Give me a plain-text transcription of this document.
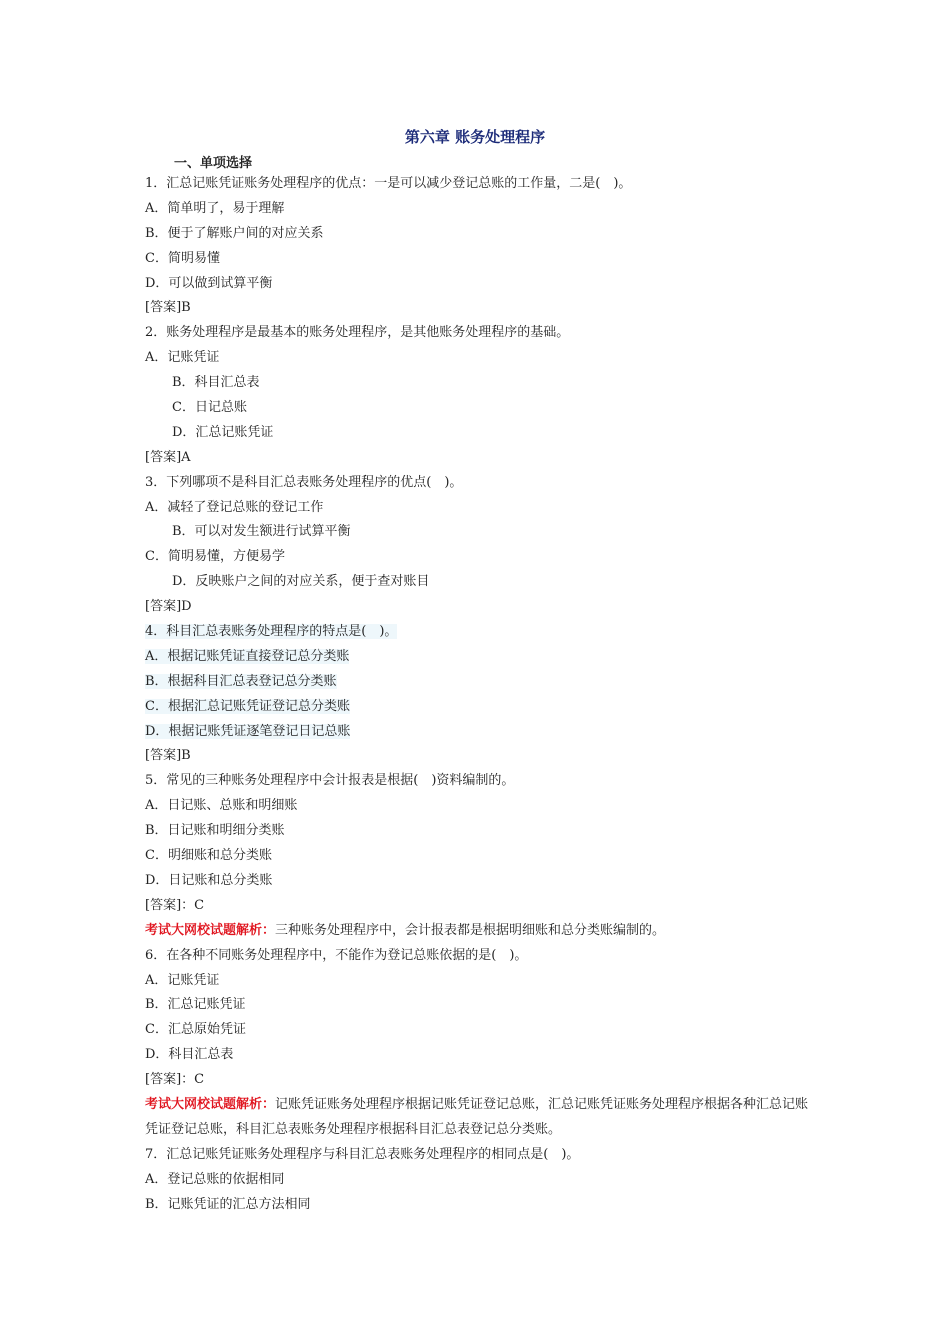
第六章 账务处理程序
一、单项选择
1．汇总记账凭证账务处理程序的优点：一是可以减少登记总账的工作量，二是(　)。
A．简单明了，易于理解
B．便于了解账户间的对应关系
C．简明易懂
D．可以做到试算平衡
[答案]B
2．账务处理程序是最基本的账务处理程序，是其他账务处理程序的基础。
A．记账凭证
B．科目汇总表
C．日记总账
D．汇总记账凭证
[答案]A
3．下列哪项不是科目汇总表账务处理程序的优点(　)。
A．减轻了登记总账的登记工作
B．可以对发生额进行试算平衡
C．简明易懂，方便易学
D．反映账户之间的对应关系，便于查对账目
[答案]D
4．科目汇总表账务处理程序的特点是(　)。
A．根据记账凭证直接登记总分类账
B．根据科目汇总表登记总分类账
C．根据汇总记账凭证登记总分类账
D．根据记账凭证逐笔登记日记总账
[答案]B
5．常见的三种账务处理程序中会计报表是根据(　)资料编制的。
A．日记账、总账和明细账
B．日记账和明细分类账
C．明细账和总分类账
D．日记账和总分类账
[答案]：C
考试大网校试题解析：三种账务处理程序中，会计报表都是根据明细账和总分类账编制的。
6．在各种不同账务处理程序中，不能作为登记总账依据的是(　)。
A．记账凭证
B．汇总记账凭证
C．汇总原始凭证
D．科目汇总表
[答案]：C
考试大网校试题解析：记账凭证账务处理程序根据记账凭证登记总账，汇总记账凭证账务处理程序根据各种汇总记账凭证登记总账，科目汇总表账务处理程序根据科目汇总表登记总分类账。
7．汇总记账凭证账务处理程序与科目汇总表账务处理程序的相同点是(　)。
A．登记总账的依据相同
B．记账凭证的汇总方法相同
